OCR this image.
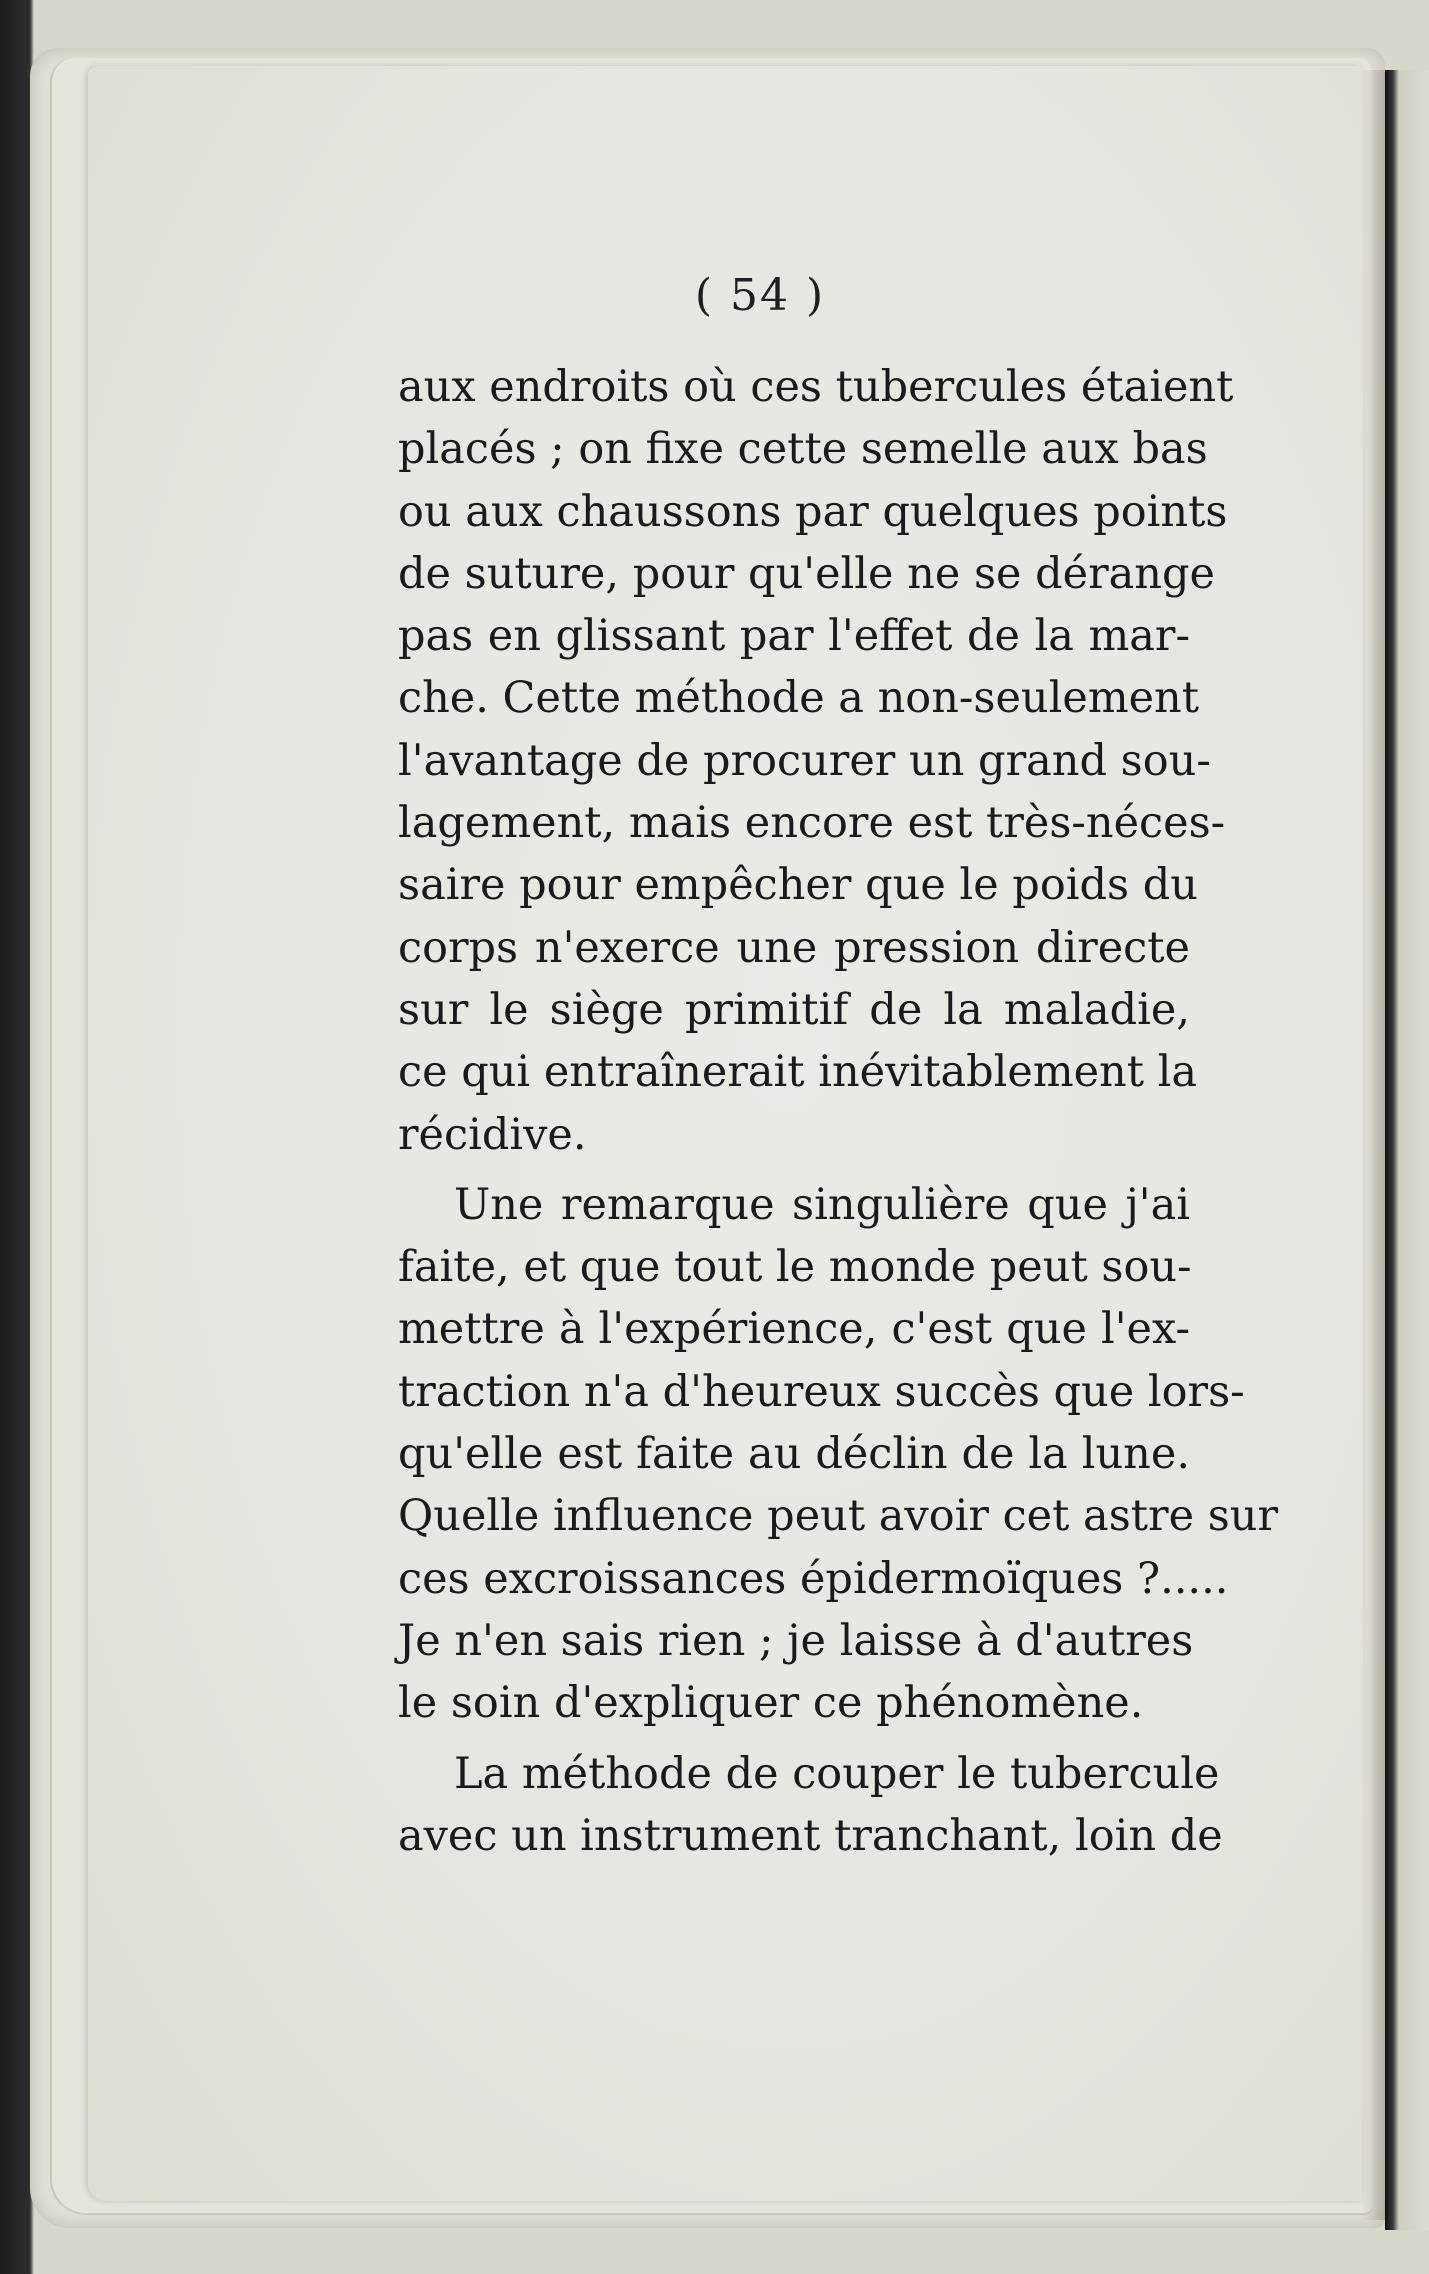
( 54 )

aux endroits où ces tubercules étaient
placés ; on fixe cette semelle aux bas
ou aux chaussons par quelques points
de suture, pour qu'elle ne se dérange
pas en glissant par l'effet de la mar-
che. Cette méthode a non-seulement
l'avantage de procurer un grand sou-
lagement, mais encore est très-néces-
saire pour empêcher que le poids du
corps n'exerce une pression directe
sur le siège primitif de la maladie,
ce qui entraînerait inévitablement la
récidive.
Une remarque singulière que j'ai
faite, et que tout le monde peut sou-
mettre à l'expérience, c'est que l'ex-
traction n'a d'heureux succès que lors-
qu'elle est faite au déclin de la lune.
Quelle influence peut avoir cet astre sur
ces excroissances épidermoïques ?.....
Je n'en sais rien ; je laisse à d'autres
le soin d'expliquer ce phénomène.
La méthode de couper le tubercule
avec un instrument tranchant, loin de
